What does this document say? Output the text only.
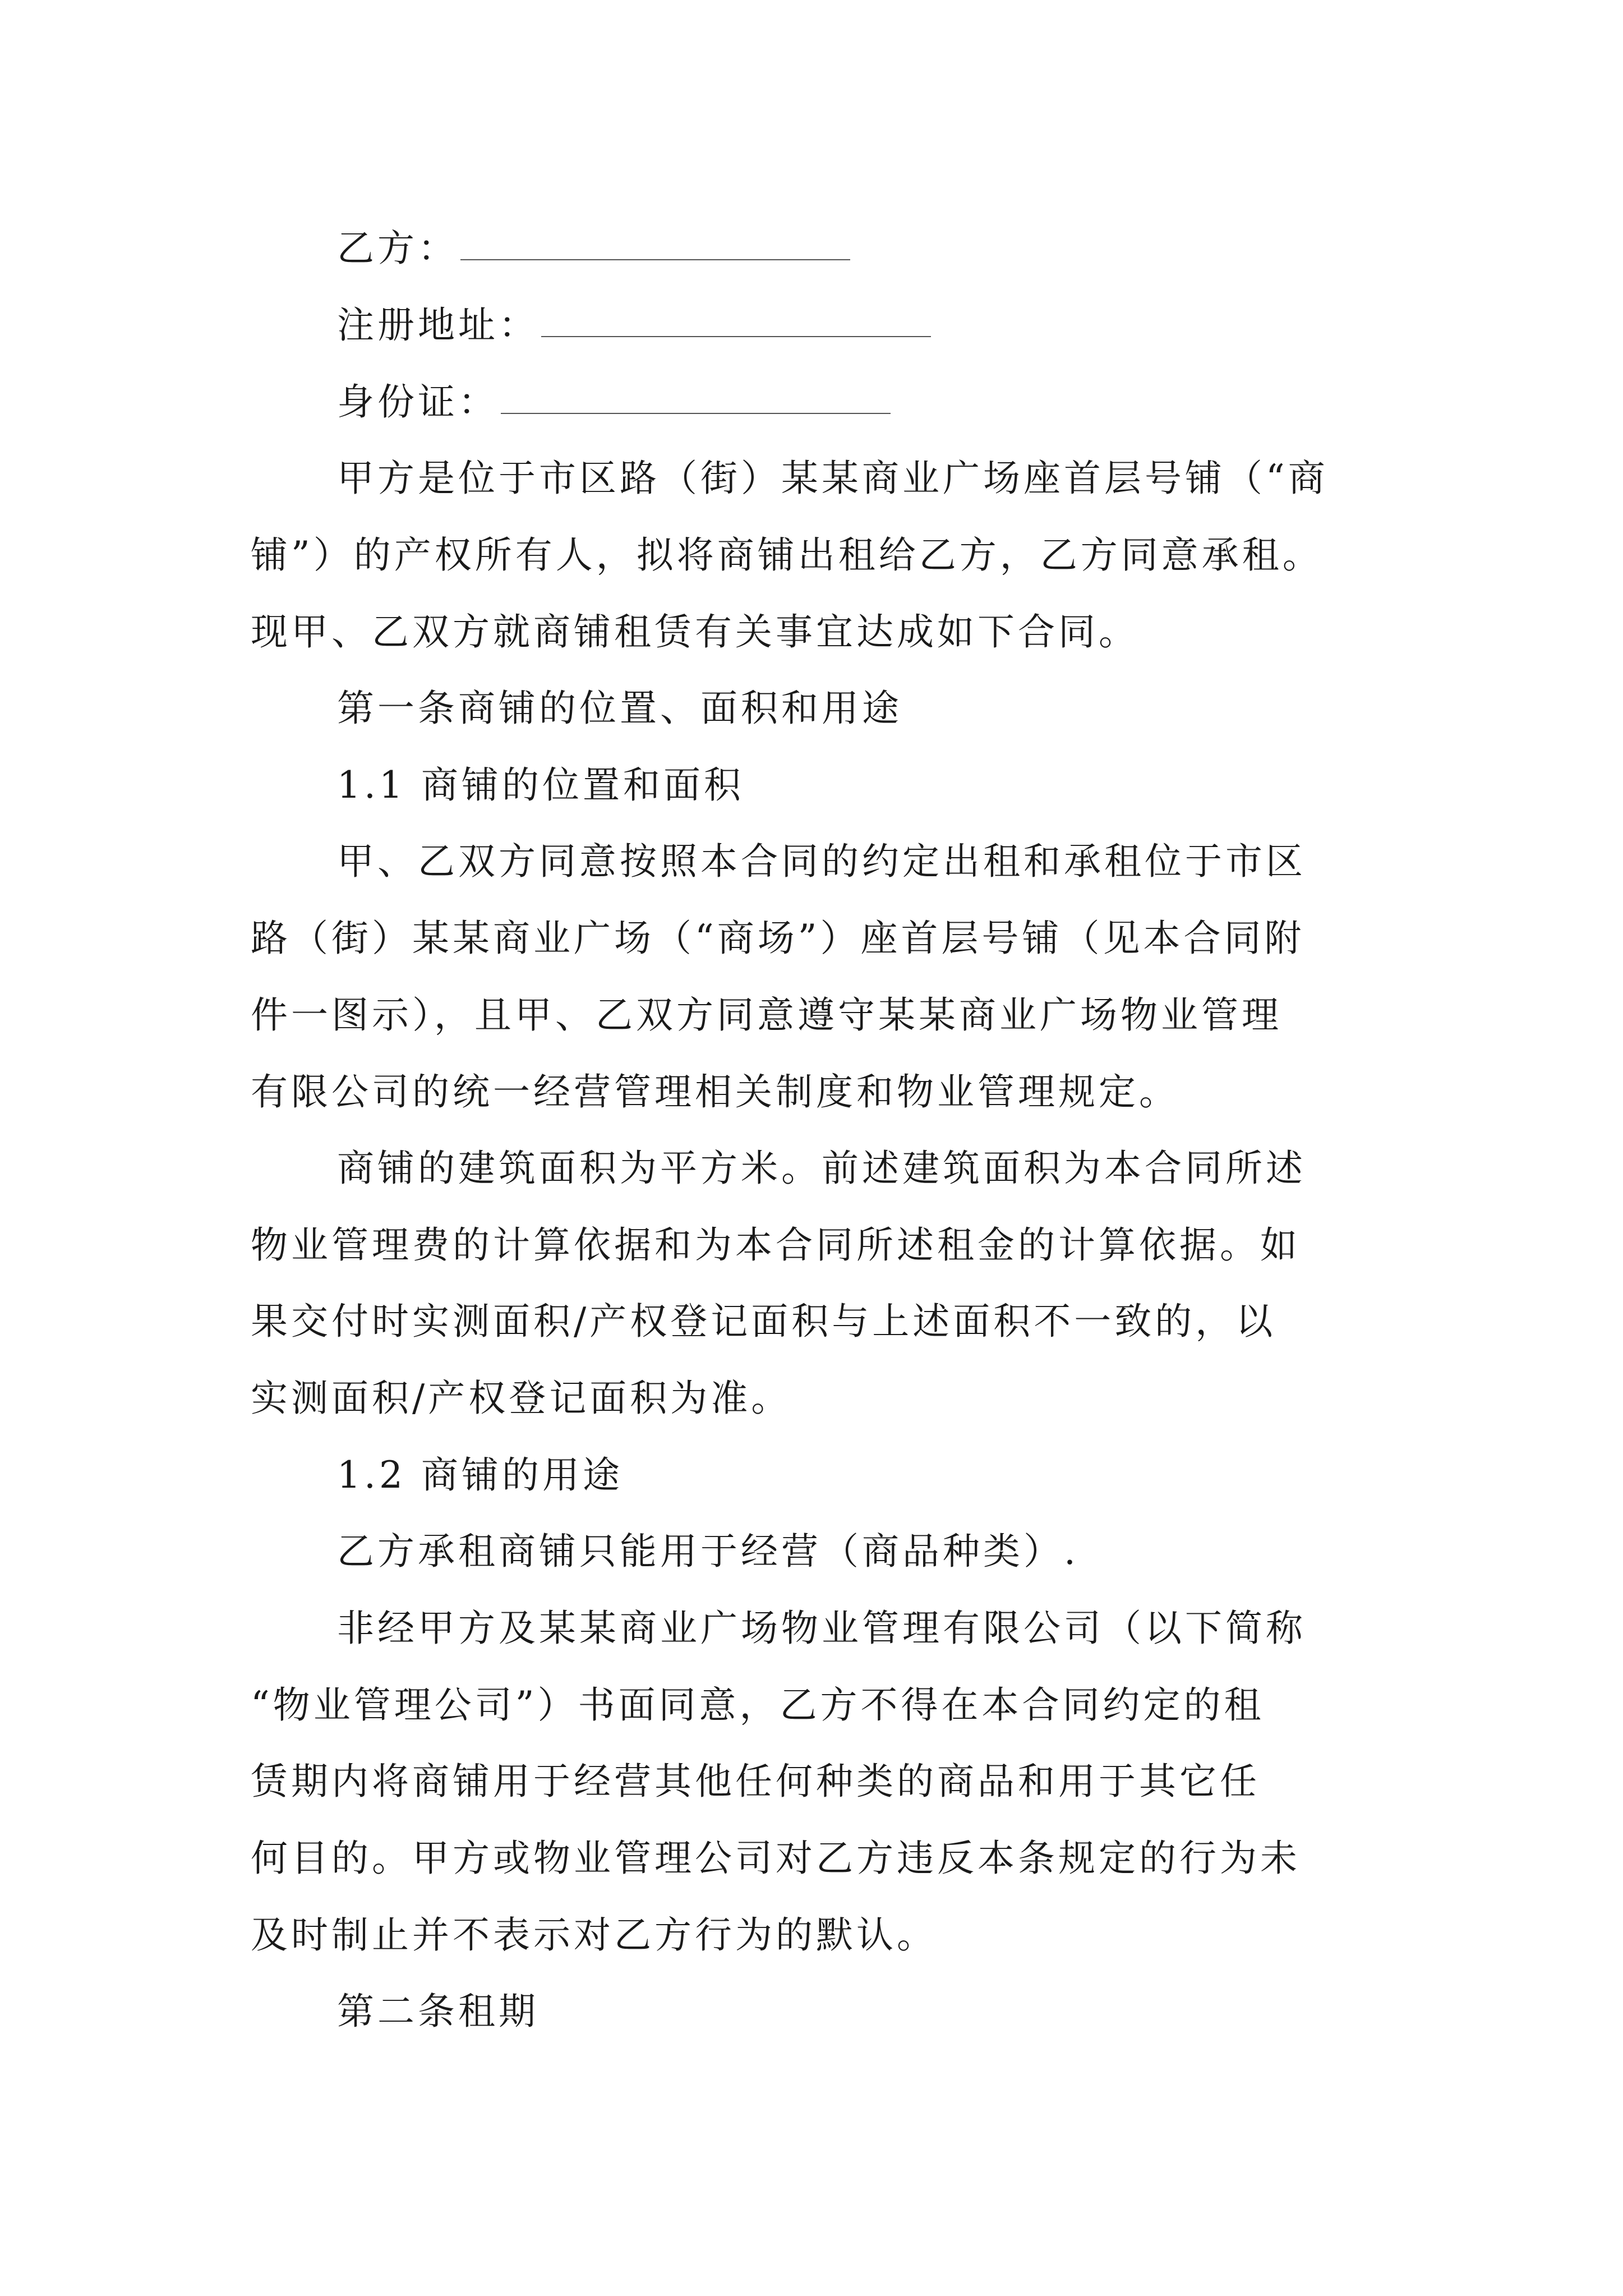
乙方：
注册地址：
身份证：
甲方是位于市区路（街）某某商业广场座首层号铺（“商
铺”）的产权所有人，拟将商铺出租给乙方，乙方同意承租。
现甲、乙双方就商铺租赁有关事宜达成如下合同。
第一条商铺的位置、面积和用途
1.1 商铺的位置和面积
甲、乙双方同意按照本合同的约定出租和承租位于市区
路（街）某某商业广场（“商场”）座首层号铺（见本合同附
件一图示），且甲、乙双方同意遵守某某商业广场物业管理
有限公司的统一经营管理相关制度和物业管理规定。
商铺的建筑面积为平方米。前述建筑面积为本合同所述
物业管理费的计算依据和为本合同所述租金的计算依据。如
果交付时实测面积/产权登记面积与上述面积不一致的，以
实测面积/产权登记面积为准。
1.2 商铺的用途
乙方承租商铺只能用于经营（商品种类）.
非经甲方及某某商业广场物业管理有限公司（以下简称
“物业管理公司”）书面同意，乙方不得在本合同约定的租
赁期内将商铺用于经营其他任何种类的商品和用于其它任
何目的。甲方或物业管理公司对乙方违反本条规定的行为未
及时制止并不表示对乙方行为的默认。
第二条租期
